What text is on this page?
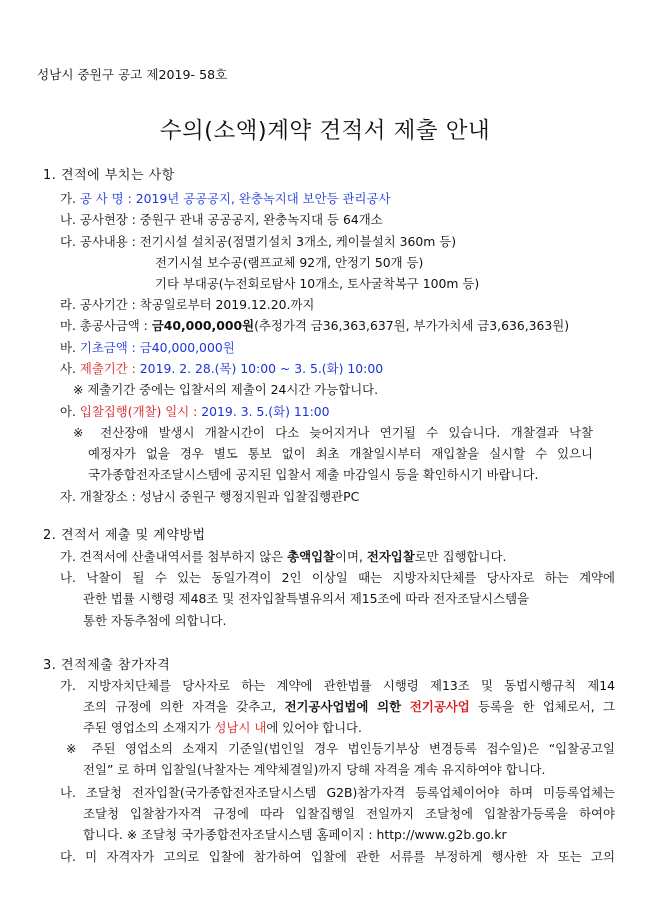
성남시 중원구 공고 제2019- 58호
수의(소액)계약 견적서 제출 안내
1. 견적에 부치는 사항
가. 공 사 명 : 2019년 공공공지, 완충녹지대 보안등 관리공사
나. 공사현장 : 중원구 관내 공공공지, 완충녹지대 등 64개소
다. 공사내용 : 전기시설 설치공(점멸기설치 3개소, 케이블설치 360m 등)
전기시설 보수공(램프교체 92개, 안정기 50개 등)
기타 부대공(누전회로탐사 10개소, 토사굴착복구 100m 등)
라. 공사기간 : 착공일로부터 2019.12.20.까지
마. 총공사금액 : 금40,000,000원(추정가격 금36,363,637원, 부가가치세 금3,636,363원)
바. 기초금액 : 금40,000,000원
사. 제출기간 : 2019. 2. 28.(목) 10:00 ~ 3. 5.(화) 10:00
※ 제출기간 중에는 입찰서의 제출이 24시간 가능합니다.
아. 입찰집행(개찰) 일시 : 2019. 3. 5.(화) 11:00
※ 전산장애 발생시 개찰시간이 다소 늦어지거나 연기될 수 있습니다. 개찰결과 낙찰
예정자가 없을 경우 별도 통보 없이 최초 개찰일시부터 재입찰을 실시할 수 있으니
국가종합전자조달시스템에 공지된 입찰서 제출 마감일시 등을 확인하시기 바랍니다.
자. 개찰장소 : 성남시 중원구 행정지원과 입찰집행관PC
2. 견적서 제출 및 계약방법
가. 견적서에 산출내역서를 첨부하지 않은 총액입찰이며, 전자입찰로만 집행합니다.
나. 낙찰이 될 수 있는 동일가격이 2인 이상일 때는 지방자치단체를 당사자로 하는 계약에
관한 법률 시행령 제48조 및 전자입찰특별유의서 제15조에 따라 전자조달시스템을
통한 자동추첨에 의합니다.
3. 견적제출 참가자격
가. 지방자치단체를 당사자로 하는 계약에 관한법률 시행령 제13조 및 동법시행규칙 제14
조의 규정에 의한 자격을 갖추고, 전기공사업법에 의한 전기공사업 등록을 한 업체로서, 그
주된 영업소의 소재지가 성남시 내에 있어야 합니다.
※ 주된 영업소의 소재지 기준일(법인일 경우 법인등기부상 변경등록 접수일)은 “입찰공고일
전일” 로 하며 입찰일(낙찰자는 계약체결일)까지 당해 자격을 계속 유지하여야 합니다.
나. 조달청 전자입찰(국가종합전자조달시스템 G2B)참가자격 등록업체이어야 하며 미등록업체는
조달청 입찰참가자격 규정에 따라 입찰집행일 전일까지 조달청에 입찰참가등록을 하여야
합니다. ※ 조달청 국가종합전자조달시스템 홈페이지 : http://www.g2b.go.kr
다. 미 자격자가 고의로 입찰에 참가하여 입찰에 관한 서류를 부정하게 행사한 자 또는 고의
